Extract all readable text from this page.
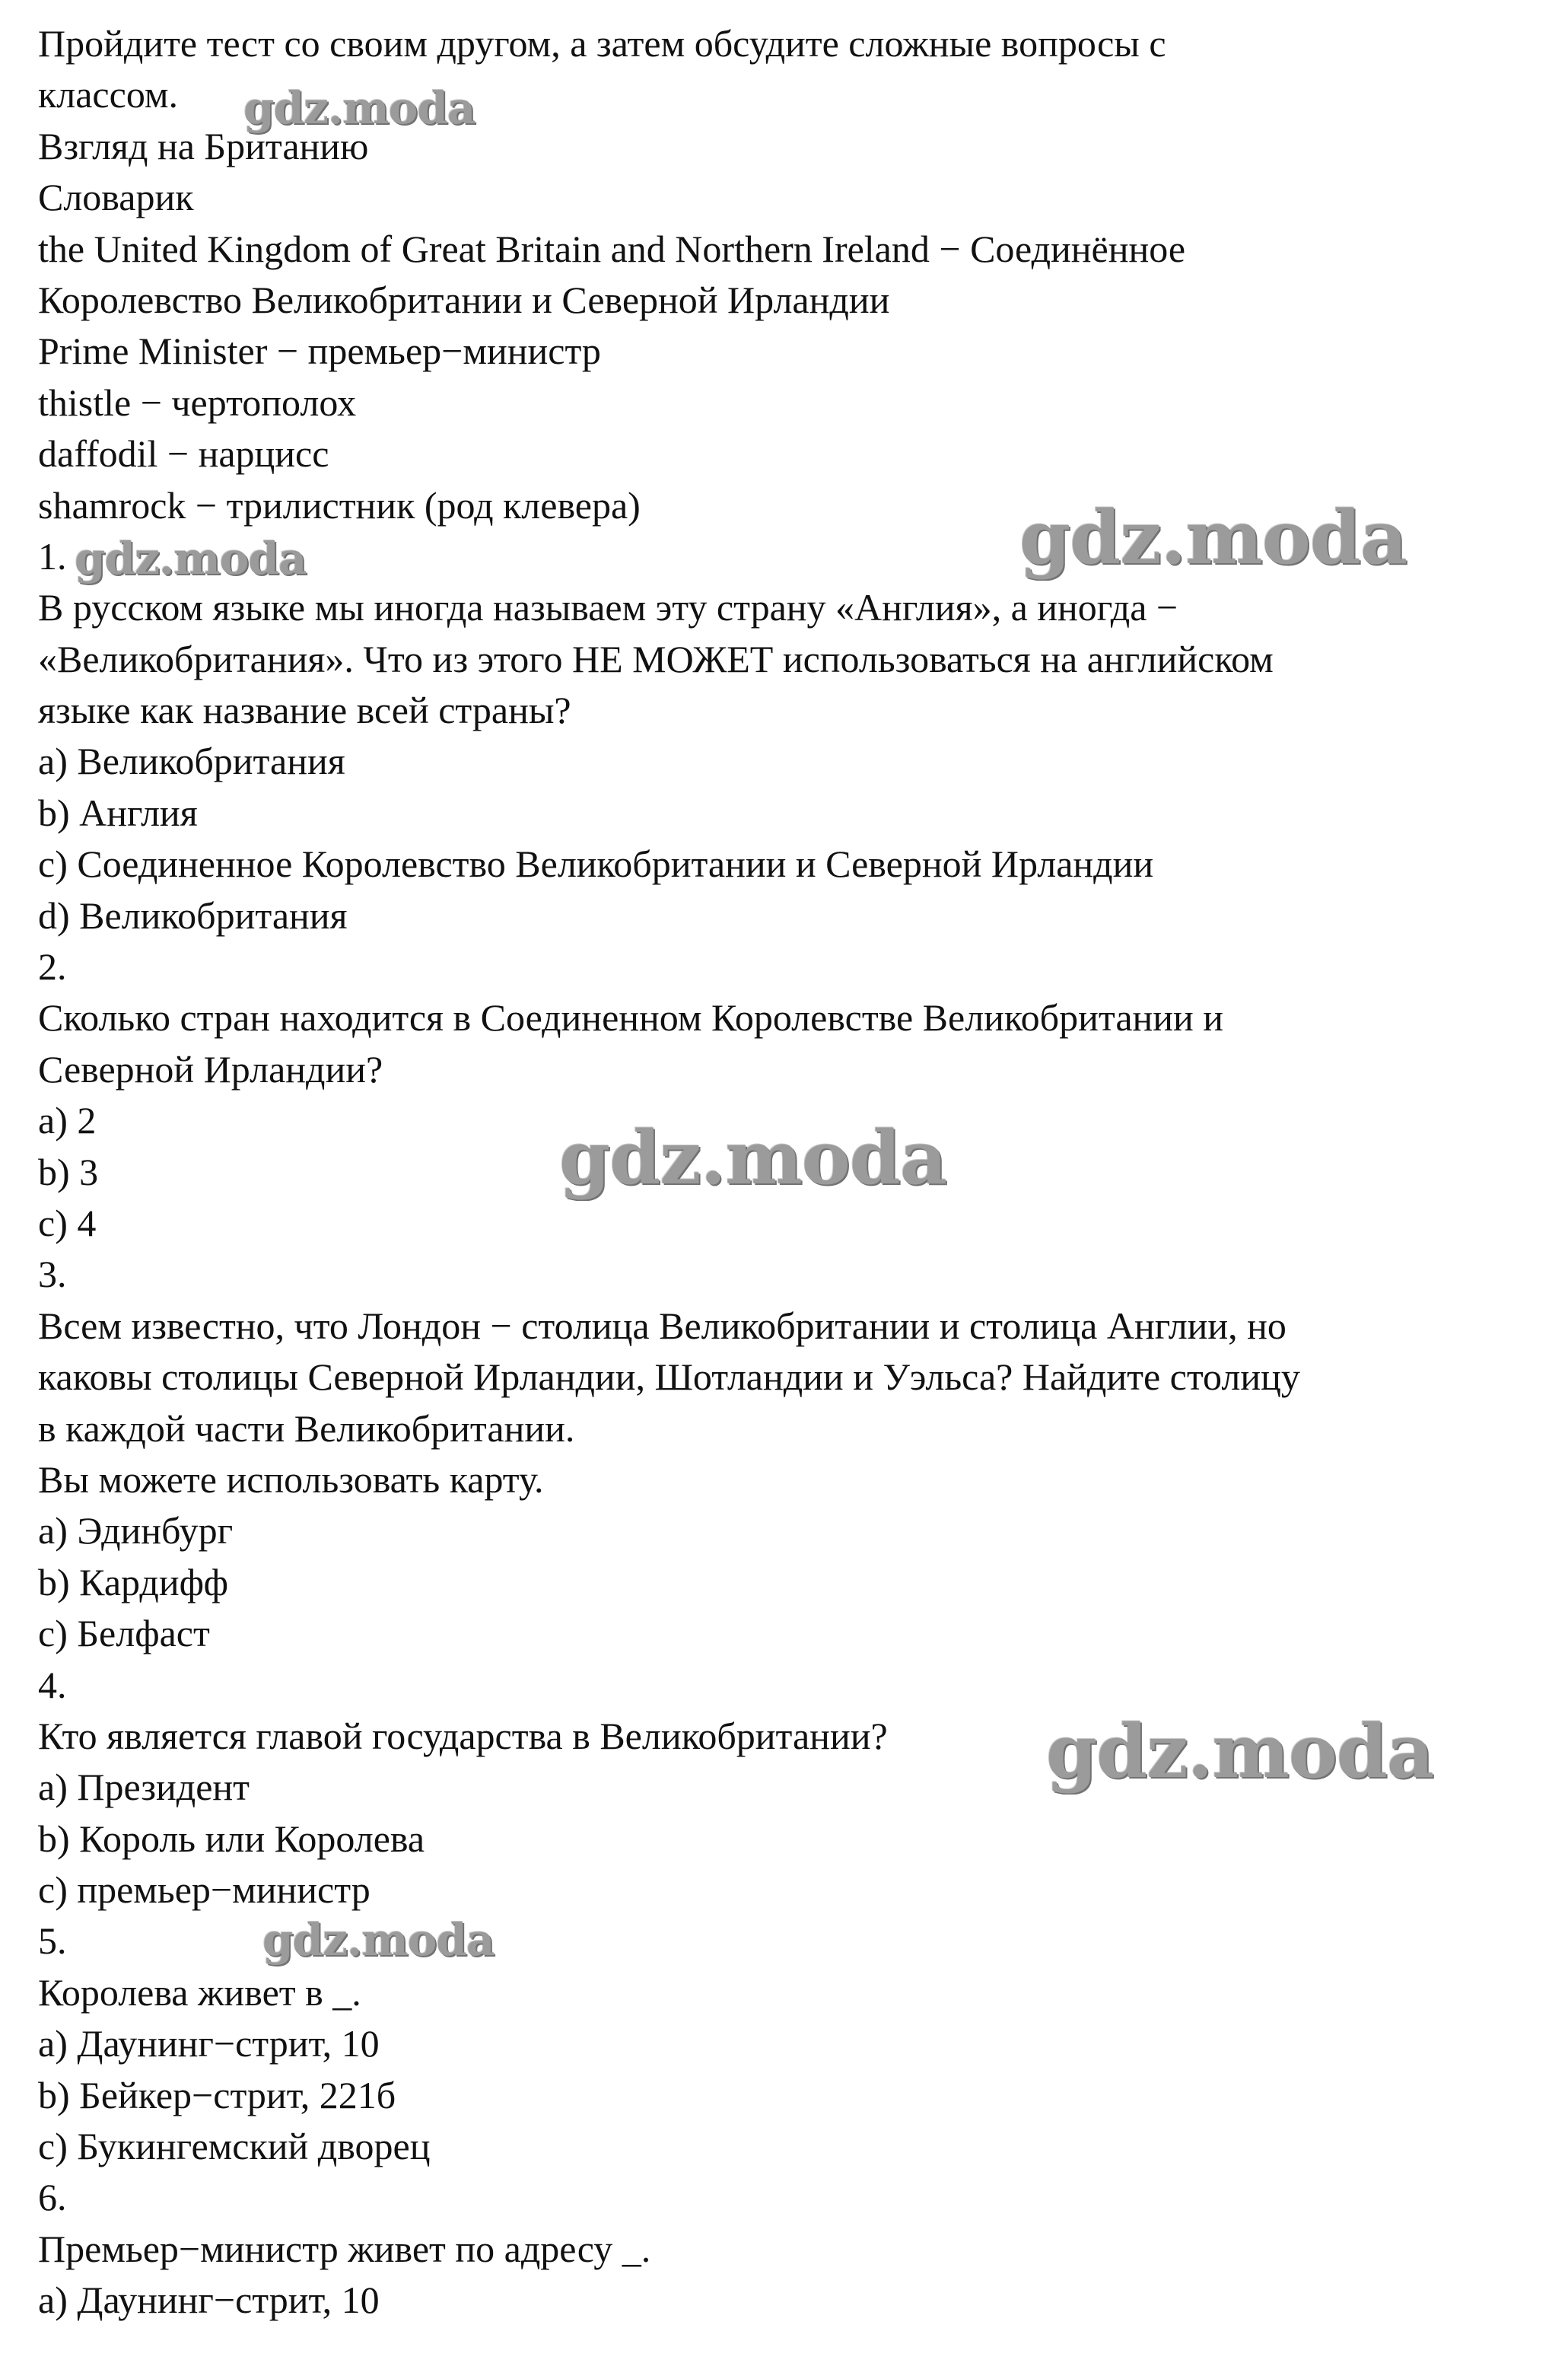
Пройдите тест со своим другом, а затем обсудите сложные вопросы с
классом.
Взгляд на Британию
Словарик
the United Kingdom of Great Britain and Northern Ireland − Соединённое
Королевство Великобритании и Северной Ирландии
Prime Minister − премьер−министр
thistle − чертополох
daffodil − нарцисс
shamrock − трилистник (род клевера)
1.
В русском языке мы иногда называем эту страну «Англия», а иногда −
«Великобритания». Что из этого НЕ МОЖЕТ использоваться на английском
языке как название всей страны?
a) Великобритания
b) Англия
c) Соединенное Королевство Великобритании и Северной Ирландии
d) Великобритания
2.
Сколько стран находится в Соединенном Королевстве Великобритании и
Северной Ирландии?
a) 2
b) 3
c) 4
3.
Всем известно, что Лондон − столица Великобритании и столица Англии, но
каковы столицы Северной Ирландии, Шотландии и Уэльса? Найдите столицу
в каждой части Великобритании.
Вы можете использовать карту.
a) Эдинбург
b) Кардифф
c) Белфаст
4.
Кто является главой государства в Великобритании?
a) Президент
b) Король или Королева
c) премьер−министр
5.
Королева живет в _.
a) Даунинг−стрит, 10
b) Бейкер−стрит, 221б
c) Букингемский дворец
6.
Премьер−министр живет по адресу _.
a) Даунинг−стрит, 10
gdz.moda
gdz.moda	gdz.moda
gdz.moda
gdz.moda
gdz.moda
